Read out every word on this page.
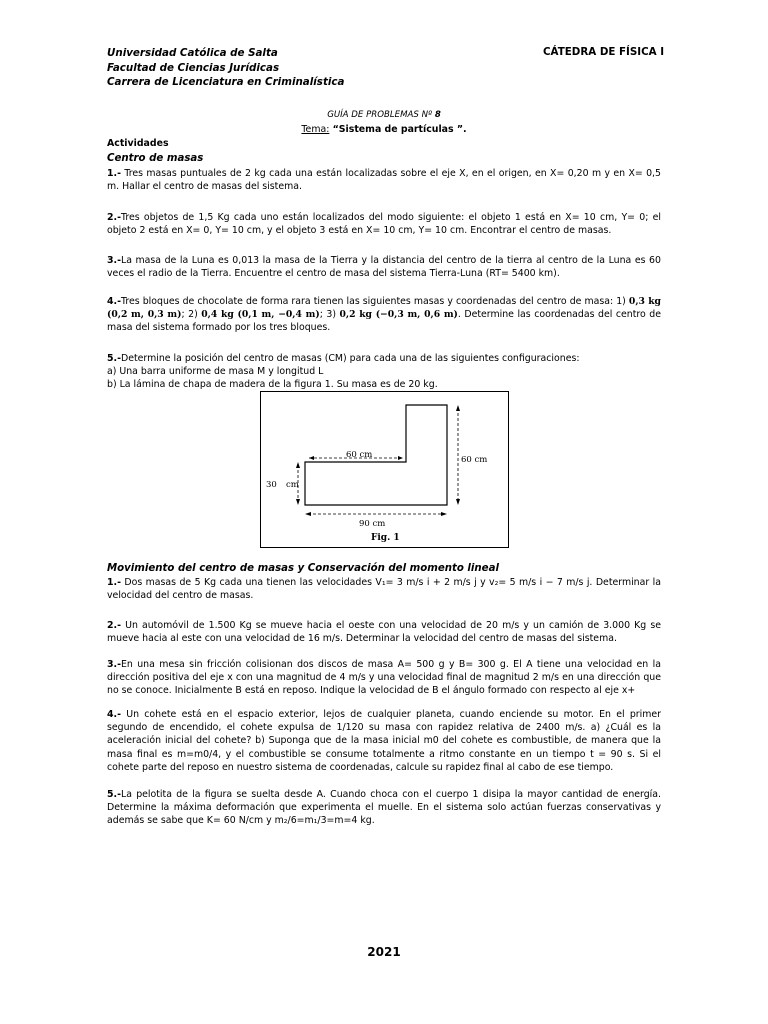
Universidad Católica de Salta
Facultad de Ciencias Jurídicas
Carrera de Licenciatura en Criminalística
CÁTEDRA DE FÍSICA I
GUÍA DE PROBLEMAS Nº 8
Tema: “Sistema de partículas ”.
Actividades
Centro de masas
1.- Tres masas puntuales de 2 kg cada una están localizadas sobre el eje X, en el origen, en X= 0,20 m y en X= 0,5 m. Hallar el centro de masas del sistema.
2.-Tres objetos de 1,5 Kg cada uno están localizados del modo siguiente: el objeto 1 está en X= 10 cm, Y= 0; el objeto 2 está en X= 0, Y= 10 cm, y el objeto 3 está en X= 10 cm, Y= 10 cm. Encontrar el centro de masas.
3.-La masa de la Luna es 0,013 la masa de la Tierra y la distancia del centro de la tierra al centro de la Luna es 60 veces el radio de la Tierra. Encuentre el centro de masa del sistema Tierra-Luna (RT= 5400 km).
4.-Tres bloques de chocolate de forma rara tienen las siguientes masas y coordenadas del centro de masa: 1) 0,3 kg (0,2 m, 0,3 m); 2) 0,4 kg (0,1 m, −0,4 m); 3) 0,2 kg (−0,3 m, 0,6 m). Determine las coordenadas del centro de masa del sistema formado por los tres bloques.
5.-Determine la posición del centro de masas (CM) para cada una de las siguientes configuraciones:
a) Una barra uniforme de masa M y longitud L
b) La lámina de chapa de madera de la figura 1. Su masa es de 20 kg.
60 cm	60 cm
30 cm
90 cm
Fig. 1
Movimiento del centro de masas y Conservación del momento lineal
1.- Dos masas de 5 Kg cada una tienen las velocidades V₁= 3 m/s i + 2 m/s j y v₂= 5 m/s i − 7 m/s j. Determinar la velocidad del centro de masas.
2.- Un automóvil de 1.500 Kg se mueve hacia el oeste con una velocidad de 20 m/s y un camión de 3.000 Kg se mueve hacia al este con una velocidad de 16 m/s. Determinar la velocidad del centro de masas del sistema.
3.-En una mesa sin fricción colisionan dos discos de masa A= 500 g y B= 300 g. El A tiene una velocidad en la dirección positiva del eje x con una magnitud de 4 m/s y una velocidad final de magnitud 2 m/s en una dirección que no se conoce. Inicialmente B está en reposo. Indique la velocidad de B el ángulo formado con respecto al eje x+
4.- Un cohete está en el espacio exterior, lejos de cualquier planeta, cuando enciende su motor. En el primer segundo de encendido, el cohete expulsa de 1/120 su masa con rapidez relativa de 2400 m/s. a) ¿Cuál es la aceleración inicial del cohete? b) Suponga que de la masa inicial m0 del cohete es combustible, de manera que la masa final es m=m0/4, y el combustible se consume totalmente a ritmo constante en un tiempo t = 90 s. Si el cohete parte del reposo en nuestro sistema de coordenadas, calcule su rapidez final al cabo de ese tiempo.
5.-La pelotita de la figura se suelta desde A. Cuando choca con el cuerpo 1 disipa la mayor cantidad de energía. Determine la máxima deformación que experimenta el muelle. En el sistema solo actúan fuerzas conservativas y además se sabe que K= 60 N/cm y m₂/6=m₁/3=m=4 kg.
2021
